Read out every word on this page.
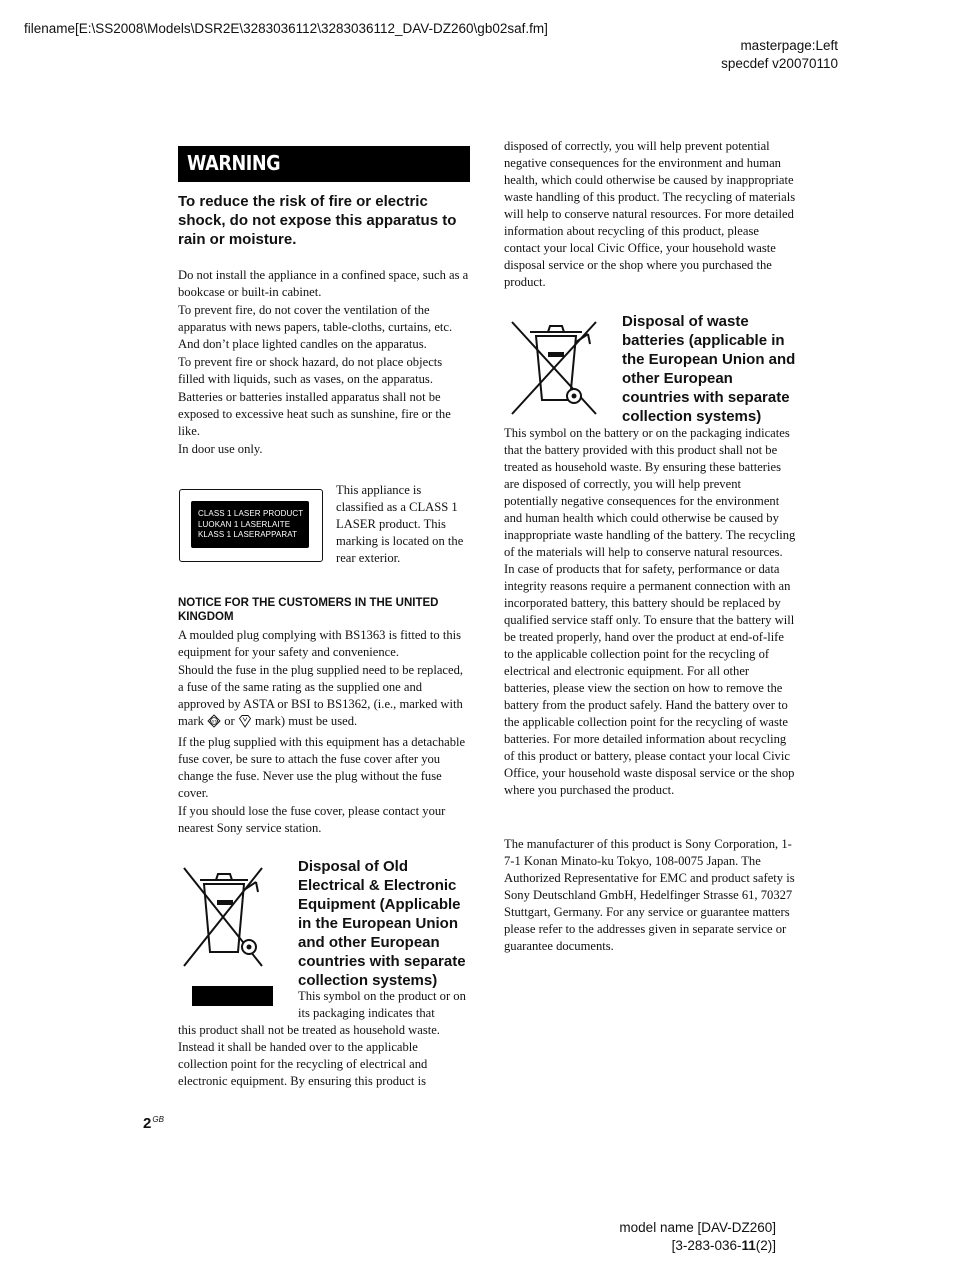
filename[E:\SS2008\Models\DSR2E\3283036112\3283036112_DAV-DZ260\gb02saf.fm]
masterpage:Left
specdef v20070110
WARNING
To reduce the risk of fire or electric shock, do not expose this apparatus to rain or moisture.

Do not install the appliance in a confined space, such as a bookcase or built-in cabinet.

To prevent fire, do not cover the ventilation of the apparatus with news papers, table-cloths, curtains, etc. And don’t place lighted candles on the apparatus.

To prevent fire or shock hazard, do not place objects filled with liquids, such as vases, on the apparatus.

Batteries or batteries installed apparatus shall not be exposed to excessive heat such as sunshine, fire or the like.

In door use only.

CLASS 1 LASER PRODUCT
LUOKAN 1 LASERLAITE
KLASS 1 LASERAPPARAT
This appliance is classified as a CLASS 1 LASER product. This marking is located on the rear exterior.
NOTICE FOR THE CUSTOMERS IN THE UNITED KINGDOM

A moulded plug complying with BS1363 is fitted to this equipment for your safety and convenience.

Should the fuse in the plug supplied need to be replaced, a fuse of the same rating as the supplied one and approved by ASTA or BSI to BS1362, (i.e., marked with mark ASTA or mark) must be used.

If the plug supplied with this equipment has a detachable fuse cover, be sure to attach the fuse cover after you change the fuse. Never use the plug without the fuse cover.

If you should lose the fuse cover, please contact your nearest Sony service station.

Disposal of Old Electrical & Electronic Equipment (Applicable in the European Union and other European countries with separate collection systems)
This symbol on the product or on its packaging indicates that
this product shall not be treated as household waste. Instead it shall be handed over to the applicable collection point for the recycling of electrical and electronic equipment. By ensuring this product is
$2^{GB}$
disposed of correctly, you will help prevent potential negative consequences for the environment and human health, which could otherwise be caused by inappropriate waste handling of this product. The recycling of materials will help to conserve natural resources. For more detailed information about recycling of this product, please contact your local Civic Office, your household waste disposal service or the shop where you purchased the product.
Disposal of waste batteries (applicable in the European Union and other European countries with separate collection systems)
This symbol on the battery or on the packaging indicates that the battery provided with this product shall not be treated as household waste. By ensuring these batteries are disposed of correctly, you will help prevent potentially negative consequences for the environment and human health which could otherwise be caused by inappropriate waste handling of the battery. The recycling of the materials will help to conserve natural resources. In case of products that for safety, performance or data integrity reasons require a permanent connection with an incorporated battery, this battery should be replaced by qualified service staff only. To ensure that the battery will be treated properly, hand over the product at end-of-life to the applicable collection point for the recycling of electrical and electronic equipment. For all other batteries, please view the section on how to remove the battery from the product safely. Hand the battery over to the applicable collection point for the recycling of waste batteries. For more detailed information about recycling of this product or battery, please contact your local Civic Office, your household waste disposal service or the shop where you purchased the product.
The manufacturer of this product is Sony Corporation, 1-7-1 Konan Minato-ku Tokyo, 108-0075 Japan. The Authorized Representative for EMC and product safety is Sony Deutschland GmbH, Hedelfinger Strasse 61, 70327 Stuttgart, Germany. For any service or guarantee matters please refer to the addresses given in separate service or guarantee documents.
model name [DAV-DZ260]
[3-283-036-11(2)]
